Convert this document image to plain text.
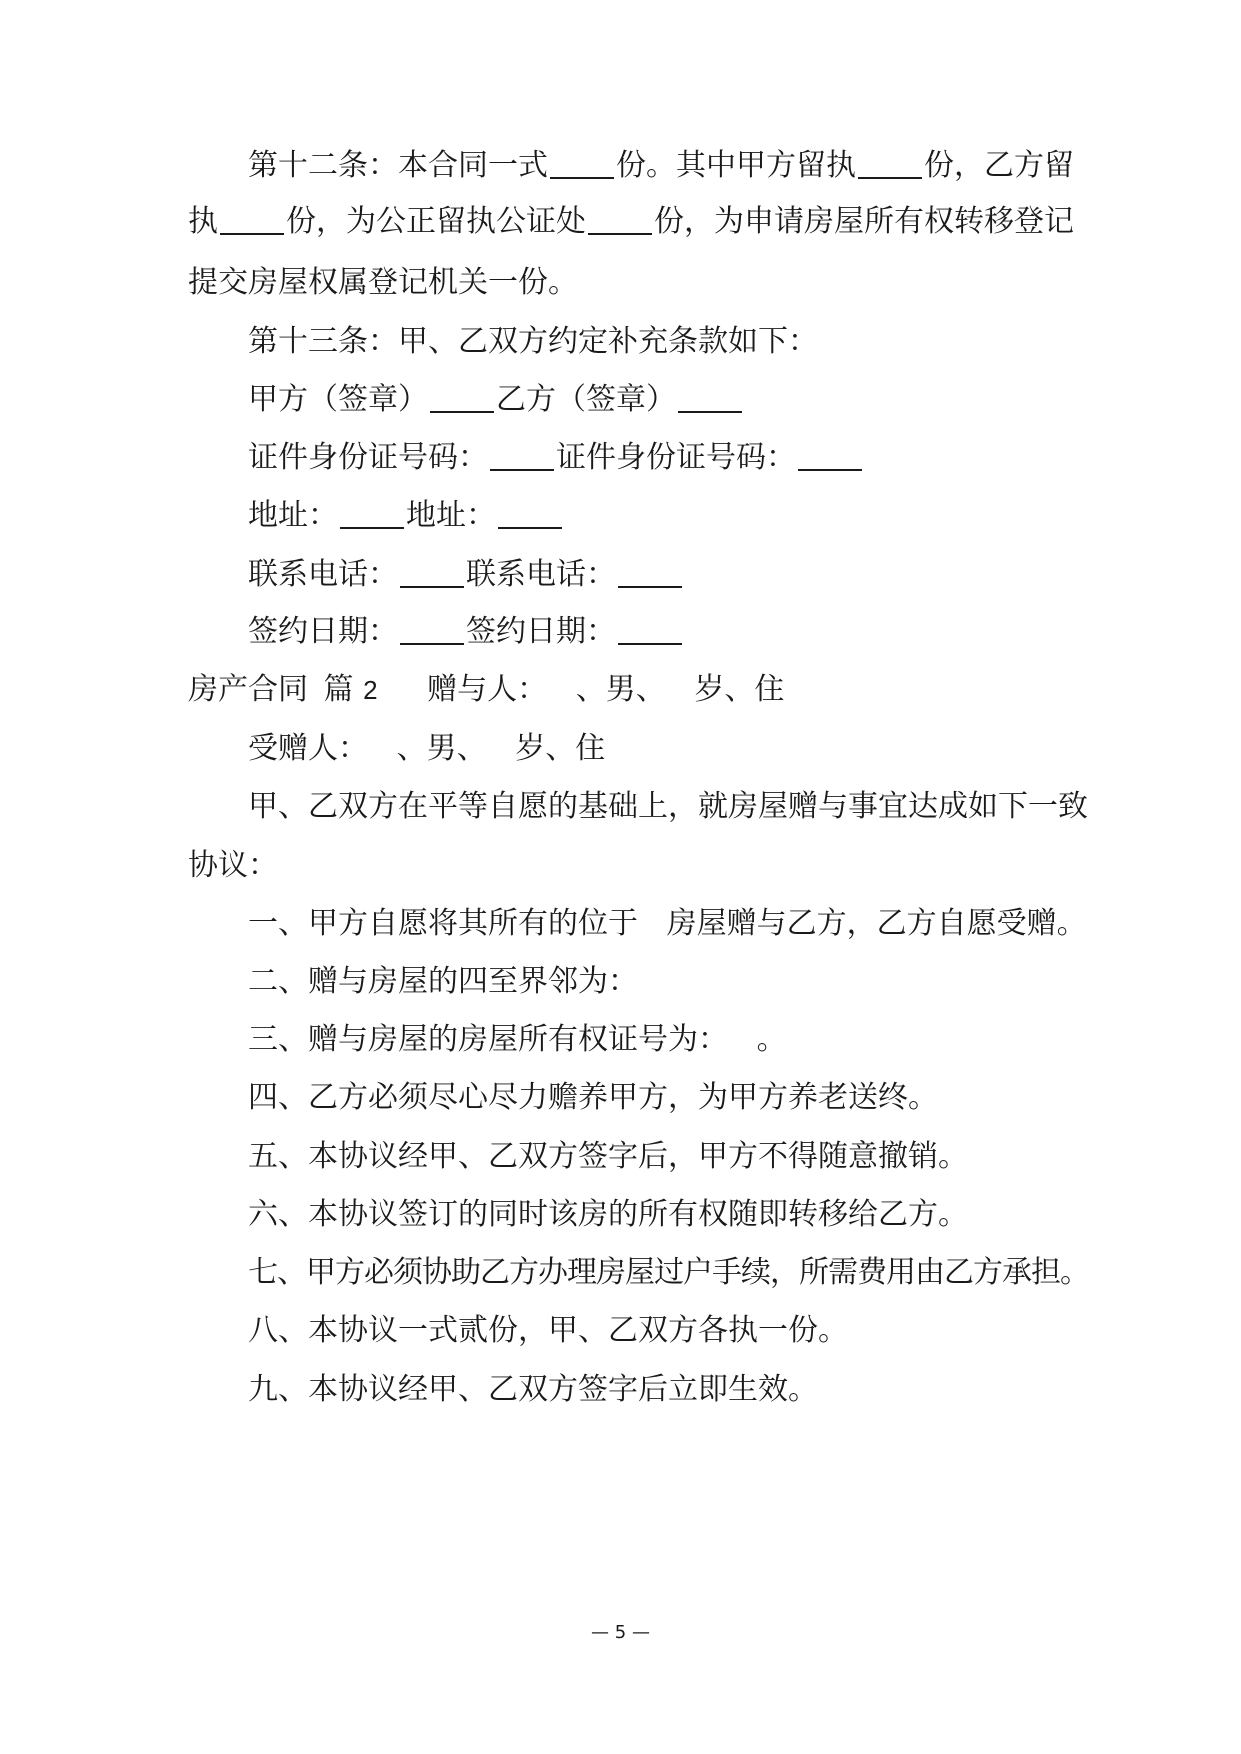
第十二条：本合同一式 份。其中甲方留执 份，乙方留
执 份，为公正留执公证处 份，为申请房屋所有权转移登记
提交房屋权属登记机关一份。
第十三条：甲、乙双方约定补充条款如下：
甲方（签章） 乙方（签章）
证件身份证号码： 证件身份证号码：
地址： 地址：
联系电话： 联系电话：
签约日期： 签约日期：
房产合同 篇 2 赠与人：   、男、   岁、住
受赠人：   、男、   岁、住
甲、乙双方在平等自愿的基础上，就房屋赠与事宜达成如下一致
协议：
一、甲方自愿将其所有的位于   房屋赠与乙方，乙方自愿受赠。
二、赠与房屋的四至界邻为：
三、赠与房屋的房屋所有权证号为：   。
四、乙方必须尽心尽力赡养甲方，为甲方养老送终。
五、本协议经甲、乙双方签字后，甲方不得随意撤销。
六、本协议签订的同时该房的所有权随即转移给乙方。
七、甲方必须协助乙方办理房屋过户手续，所需费用由乙方承担。
八、本协议一式贰份，甲、乙双方各执一份。
九、本协议经甲、乙双方签字后立即生效。
— 5 —
